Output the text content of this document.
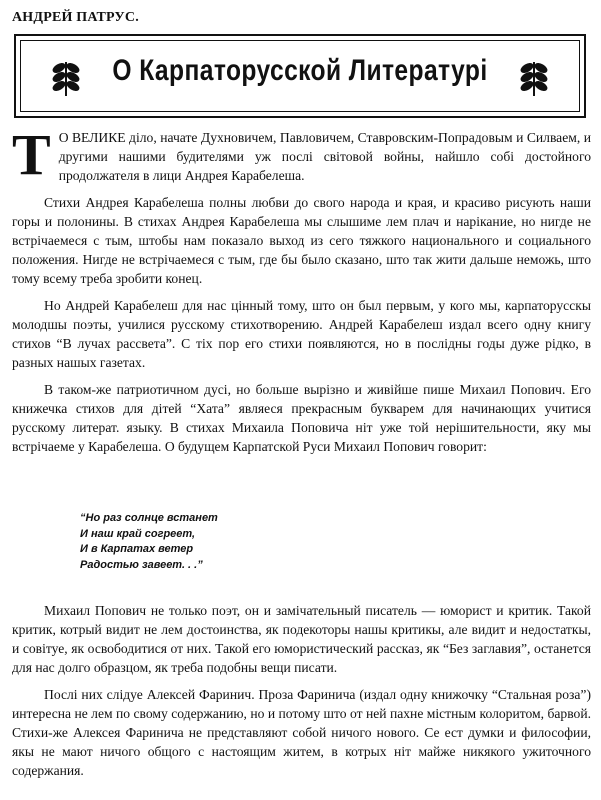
АНДРЕЙ ПАТРУС.
О Карпаторусской Литературі

Т О ВЕЛИКЕ діло, начате Духновичем, Павловичем, Ставровским-Попрадовым и Силваем, и другими нашими будителями уж послі світовой войны, найшло собі достойного продолжателя в лици Андрея Карабелеша.

Стихи Андрея Карабелеша полны любви до свого народа и края, и красиво рисують наши горы и полонины. В стихах Андрея Карабелеша мы слышиме лем плач и нарікание, но нигде не встрічаемеся с тым, штобы нам показало выход из сего тяжкого национального и социального положения. Нигде не встрічаемеся с тым, где бы было сказано, што так жити дальше неможь, што тому всему треба зробити конец.

Но Андрей Карабелеш для нас цінный тому, што он был первым, у кого мы, карпаторусскы молодшы поэты, училися русскому стихотворению. Андрей Карабелеш издал всего одну книгу стихов “В лучах рассвета”. С тіх пор его стихи появляются, но в послідны годы дуже рідко, в разных нашых газетах.

В таком-же патриотичном дусі, но больше вырізно и живійше пише Михаил Попович. Его книжечка стихов для дітей “Хата” являеся прекрасным букварем для начинающих учитися русскому литерат. языку. В стихах Михаила Поповича ніт уже той нерішительности, яку мы встрічаеме у Карабелеша. О будущем Карпатской Руси Михаил Попович говорит:

“Но раз солнце встанет
И наш край согреет,
И в Карпатах ветер
Радостью завеет. . .”

Михаил Попович не только поэт, он и замічательный писатель — юморист и критик. Такой критик, котрый видит не лем достоинства, як подекоторы нашы критикы, але видит и недостаткы, и совітуе, як освободитися от них. Такой его юмористический рассказ, як “Без заглавия”, останется для нас долго образцом, як треба подобны вещи писати.

Послі них слідуе Алексей Фаринич. Проза Фаринича (издал одну книжочку “Стальная роза”) интересна не лем по свому содержанию, но и потому што от ней пахне містным колоритом, барвой. Стихи-же Алексея Фаринича не представляют собой ничого нового. Се ест думки и философии, якы не мают ничого общого с настоящим житем, в котрых ніт майже никякого ужиточного содержания.
